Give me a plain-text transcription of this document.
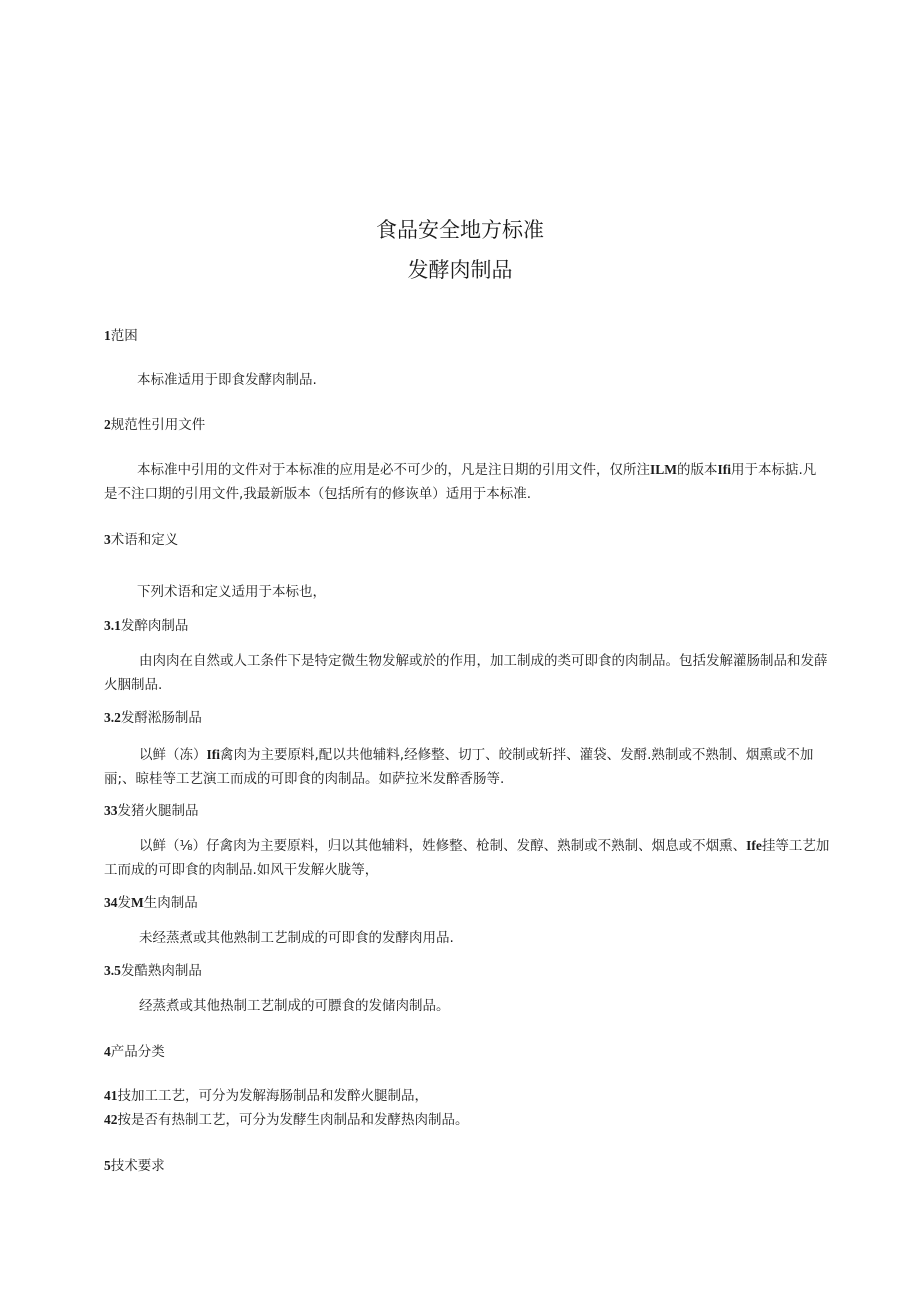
食品安全地方标准
发酵肉制品
1范困
本标准适用于即食发酵肉制品.
2规范性引用文件
本标准中引用的文件对于本标准的应用是必不可少的，凡是注日期的引用文件，仅所注ILM的版本Ifi用于本标掂.凡
是不注口期的引用文件,我最新版本（包括所有的修诙单）适用于本标准.
3术语和定义
下列术语和定义适用于本标也，
3.1发醉肉制品
由肉肉在自然或人工条件下是特定微生物发解或於的作用，加工制成的类可即食的肉制品。包括发解灌肠制品和发薛
火胭制品.
3.2发酹淞肠制品
以鲜（冻）Ifi禽肉为主要原料,配以共他辅料,经修整、切丁、皎制或斩拌、灌袋、发酹.熟制或不熟制、烟熏或不加
丽;、晾桂等工艺演工而成的可即食的肉制品。如萨拉米发醉香肠等.
33发猪火腿制品
以鲜（⅛）仔禽肉为主要原料，归以其他辅料，姓修整、枪制、发醇、熟制或不熟制、烟息或不烟熏、Ife挂等工艺加
工而成的可即食的肉制品.如风干发解火胧等，
34发M生肉制品
未经蒸煮或其他熟制工艺制成的可即食的发酵肉用品.
3.5发酷熟肉制品
经蒸煮或其他热制工艺制成的可膘食的发储肉制品。
4产品分类
41技加工工艺，可分为发解海肠制品和发醉火腿制品，
42按是否有热制工艺，可分为发酵生肉制品和发酵热肉制品。
5技术要求
